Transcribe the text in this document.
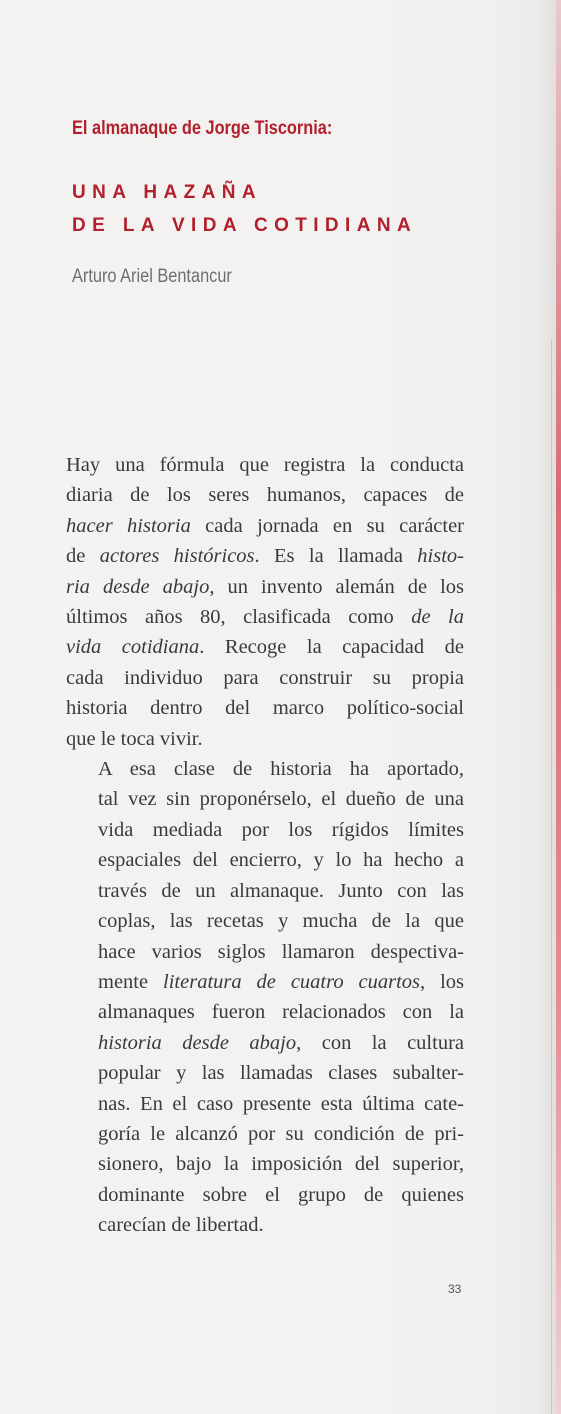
El almanaque de Jorge Tiscornia:
UNA HAZAÑA
DE LA VIDA COTIDIANA
Arturo Ariel Bentancur

Hay una fórmula que registra la conducta
diaria de los seres humanos, capaces de
hacer historia cada jornada en su carácter
de actores históricos. Es la llamada histo-
ria desde abajo, un invento alemán de los
últimos años 80, clasificada como de la
vida cotidiana. Recoge la capacidad de
cada individuo para construir su propia
historia dentro del marco político-social
que le toca vivir.

A esa clase de historia ha aportado,
tal vez sin proponérselo, el dueño de una
vida mediada por los rígidos límites
espaciales del encierro, y lo ha hecho a
través de un almanaque. Junto con las
coplas, las recetas y mucha de la que
hace varios siglos llamaron despectiva-
mente literatura de cuatro cuartos, los
almanaques fueron relacionados con la
historia desde abajo, con la cultura
popular y las llamadas clases subalter-
nas. En el caso presente esta última cate-
goría le alcanzó por su condición de pri-
sionero, bajo la imposición del superior,
dominante sobre el grupo de quienes
carecían de libertad.

33
